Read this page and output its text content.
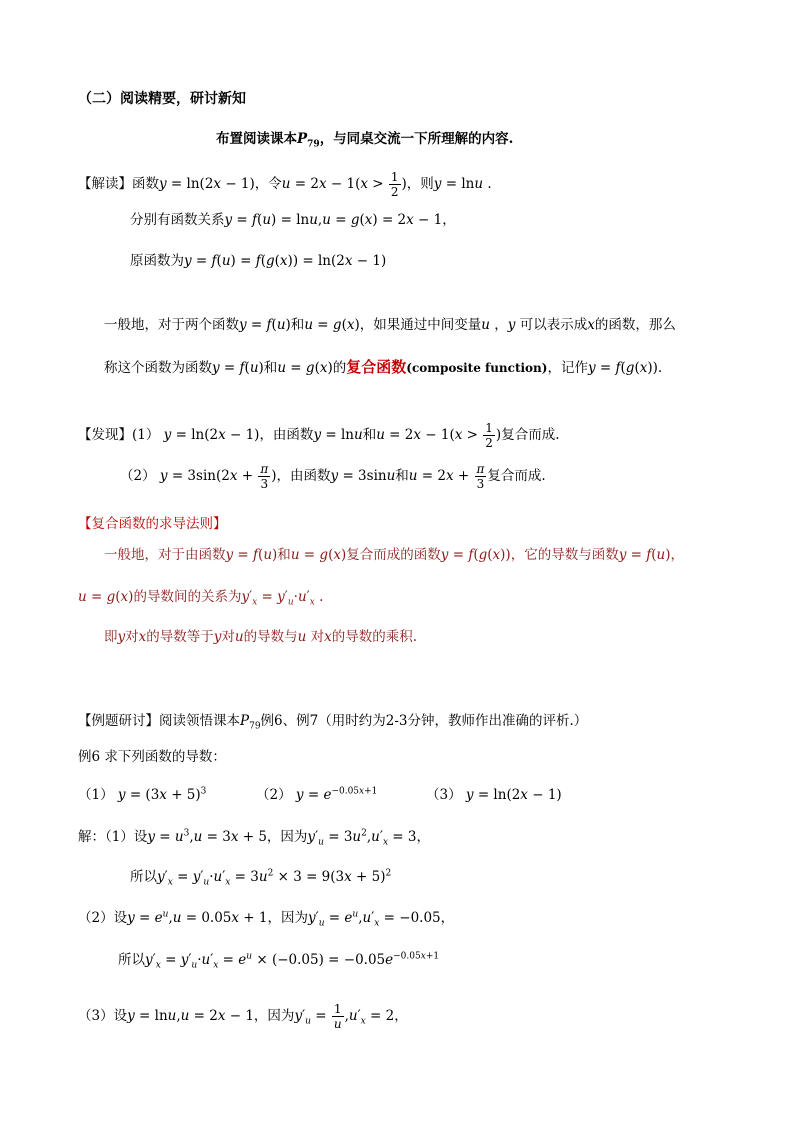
（二）阅读精要，研讨新知
布置阅读课本$P_{79}$，与同桌交流一下所理解的内容.
【解读】函数y = ln(2x − 1)，令$u = 2x - 1(x > \frac{1}{2}$ )，则y = lnu .
分别有函数关系y = f(u) = lnu,u = g(x) = 2x − 1，
原函数为y = f(u) = f(g(x)) = ln(2x − 1)
一般地，对于两个函数y = f(u)和u = g(x)，如果通过中间变量u ，y 可以表示成x的函数，那么
称这个函数为函数y = f(u)和u = g(x)的复合函数(composite function)，记作y = f(g(x)).
【发现】(1） y = ln(2x − 1)，由函数y = lnu和$u = 2x - 1(x > \frac{1}{2}$ )复合而成.
（2） $y = 3\sin(2x + \frac{\pi}{3}$ )，由函数y = 3sinu和$u = 2x + \frac{\pi}{3}$ 复合而成.
【复合函数的求导法则】
一般地，对于由函数y = f(u)和u = g(x)复合而成的函数y = f(g(x))，它的导数与函数y = f(u)，
u = g(x)的导数间的关系为$y'_x = y'_u\cdot u'_x$ .
即y对x的导数等于y对u的导数与u 对x的导数的乘积.
【例题研讨】阅读领悟课本$P_{79}$例6、例7（用时约为2-3分钟，教师作出准确的评析.）
例6 求下列函数的导数：
（1） $y = (3x + 5)^3$	（2） $y = e^{-0.05x+1}$	（3） y = ln(2x − 1)
解：（1）设$y = u^3,u = 3x + 5$，因为$y'_u = 3u^2,u'_x = 3$，
所以$y'_x = y'_u\cdot u'_x = 3u^2 \times 3 = 9(3x + 5)^2$
（2）设$y = e^u,u = 0.05x + 1$，因为$y'_u = e^u,u'_x = -0.05$，
所以$y'_x = y'_u\cdot u'_x = e^u \times (-0.05) = -0.05e^{-0.05x+1}$
（3）设y = lnu,u = 2x − 1，因为$y'_u = \frac{1}{u} ,u'_x = 2$，
